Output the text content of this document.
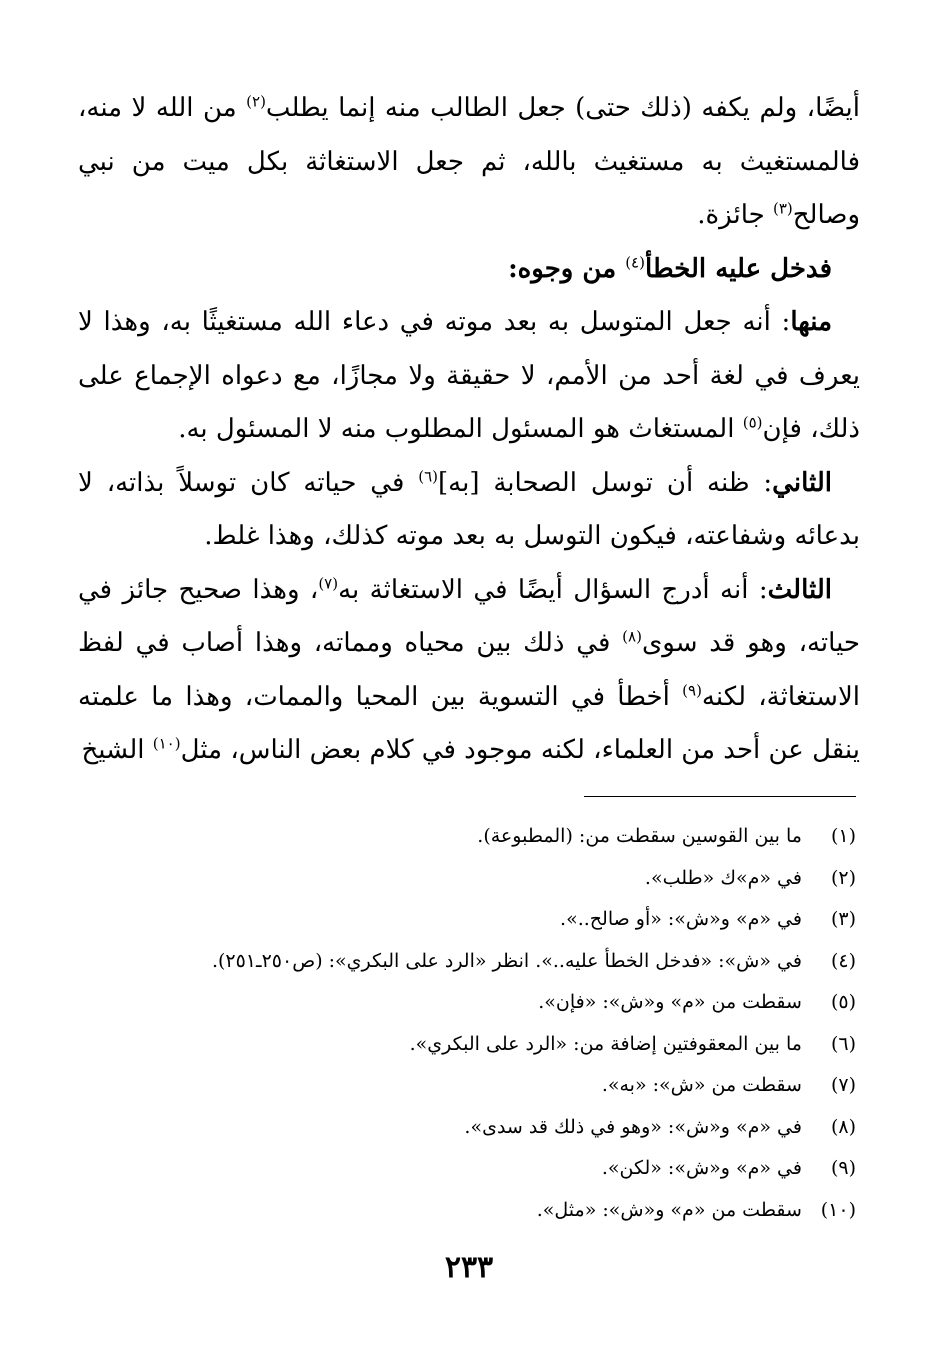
أيضًا، ولم يكفه (ذلك حتى) جعل الطالب منه إنما يطلب$^{(٢)}$ من الله لا منه، فالمستغيث به مستغيث بالله، ثم جعل الاستغاثة بكل ميت من نبي وصالح$^{(٣)}$ جائزة.

فدخل عليه الخطأ$^{(٤)}$ من وجوه:

منها: أنه جعل المتوسل به بعد موته في دعاء الله مستغيثًا به، وهذا لا يعرف في لغة أحد من الأمم، لا حقيقة ولا مجازًا، مع دعواه الإجماع على ذلك، فإن$^{(٥)}$ المستغاث هو المسئول المطلوب منه لا المسئول به.

الثاني: ظنه أن توسل الصحابة [به]$^{(٦)}$ في حياته كان توسلاً بذاته، لا بدعائه وشفاعته، فيكون التوسل به بعد موته كذلك، وهذا غلط.

الثالث: أنه أدرج السؤال أيضًا في الاستغاثة به$^{(٧)}$، وهذا صحيح جائز في حياته، وهو قد سوى$^{(٨)}$ في ذلك بين محياه ومماته، وهذا أصاب في لفظ الاستغاثة، لكنه$^{(٩)}$ أخطأ في التسوية بين المحيا والممات، وهذا ما علمته ينقل عن أحد من العلماء، لكنه موجود في كلام بعض الناس، مثل$^{(١٠)}$ الشيخ

(١) ما بين القوسين سقطت من: (المطبوعة).
(٢) في «م»ك «طلب».
(٣) في «م» و«ش»: «أو صالح..».
(٤) في «ش»: «فدخل الخطأ عليه..». انظر «الرد على البكري»: (ص٢٥٠ـ٢٥١).
(٥) سقطت من «م» و«ش»: «فإن».
(٦) ما بين المعقوفتين إضافة من: «الرد على البكري».
(٧) سقطت من «ش»: «به».
(٨) في «م» و«ش»: «وهو في ذلك قد سدى».
(٩) في «م» و«ش»: «لكن».
(١٠) سقطت من «م» و«ش»: «مثل».
٢٣٣
